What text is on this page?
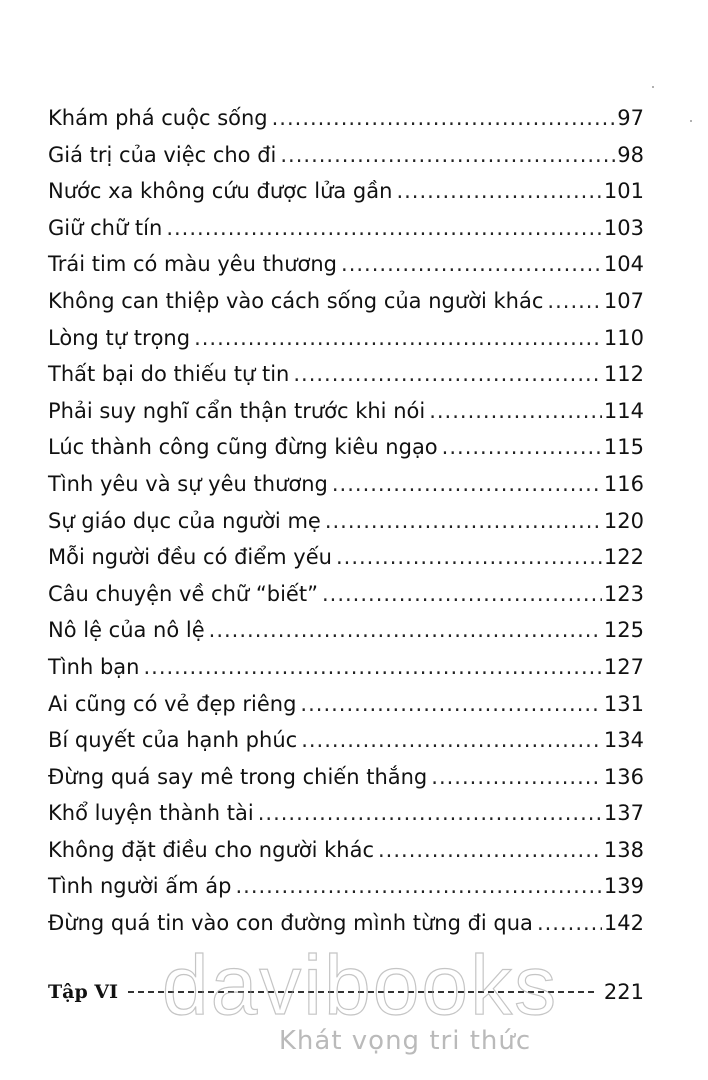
Khám phá cuộc sống .....	97
Giá trị của việc cho đi .....	98
Nước xa không cứu được lửa gần .....	101
Giữ chữ tín .....	103
Trái tim có màu yêu thương .....	104
Không can thiệp vào cách sống của người khác .....	107
Lòng tự trọng .....	110
Thất bại do thiếu tự tin .....	112
Phải suy nghĩ cẩn thận trước khi nói .....	114
Lúc thành công cũng đừng kiêu ngạo .....	115
Tình yêu và sự yêu thương .....	116
Sự giáo dục của người mẹ .....	120
Mỗi người đều có điểm yếu .....	122
Câu chuyện về chữ “biết” .....	123
Nô lệ của nô lệ .....	125
Tình bạn .....	127
Ai cũng có vẻ đẹp riêng .....	131
Bí quyết của hạnh phúc .....	134
Đừng quá say mê trong chiến thắng .....	136
Khổ luyện thành tài .....	137
Không đặt điều cho người khác .....	138
Tình người ấm áp .....	139
Đừng quá tin vào con đường mình từng đi qua .....	142
Tập VI	221
davibooks
Khát vọng tri thức
